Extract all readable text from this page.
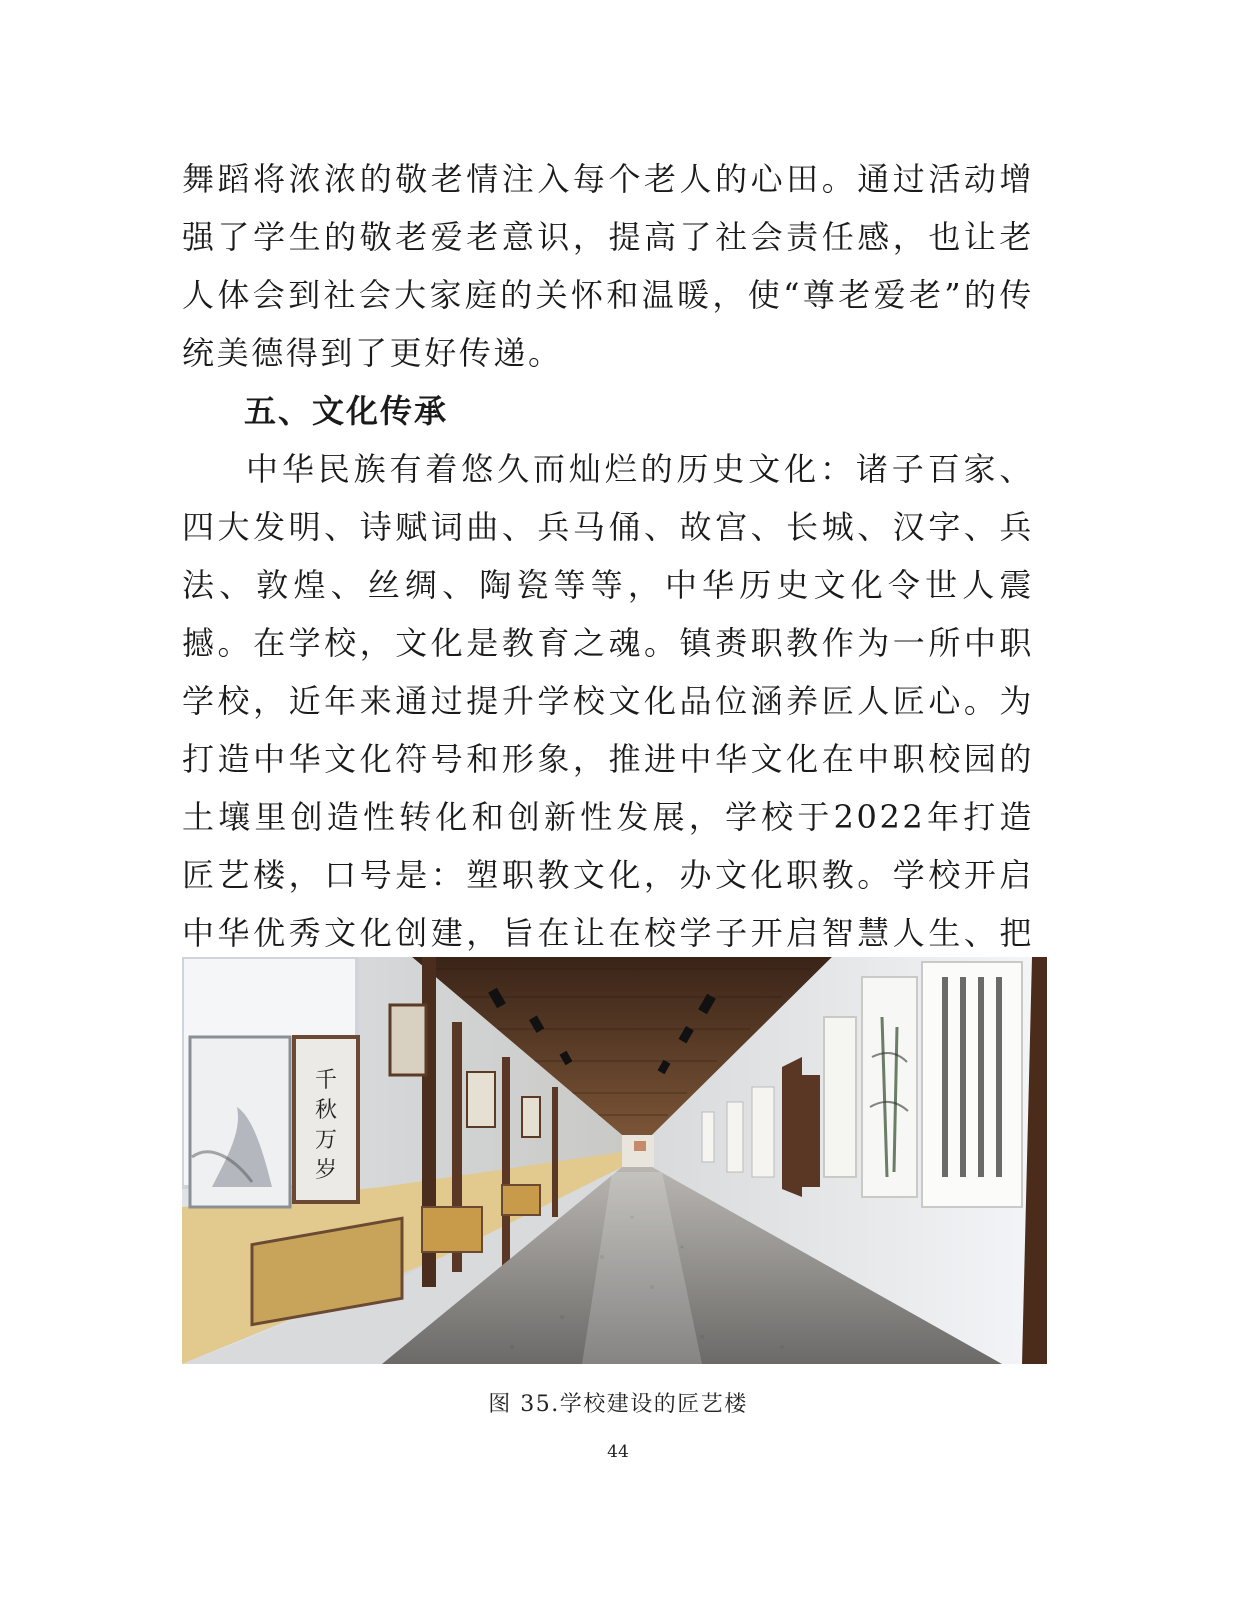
舞蹈将浓浓的敬老情注入每个老人的心田。通过活动增强了学生的敬老爱老意识，提高了社会责任感，也让老人体会到社会大家庭的关怀和温暖，使“尊老爱老”的传统美德得到了更好传递。

五、文化传承

中华民族有着悠久而灿烂的历史文化：诸子百家、四大发明、诗赋词曲、兵马俑、故宫、长城、汉字、兵法、敦煌、丝绸、陶瓷等等，中华历史文化令世人震撼。在学校，文化是教育之魂。镇赉职教作为一所中职学校，近年来通过提升学校文化品位涵养匠人匠心。为打造中华文化符号和形象，推进中华文化在中职校园的土壤里创造性转化和创新性发展，学校于2022年打造匠艺楼，口号是：塑职教文化，办文化职教。学校开启中华优秀文化创建，旨在让在校学子开启智慧人生、把

千
秋
万
岁
图 35.学校建设的匠艺楼
44
